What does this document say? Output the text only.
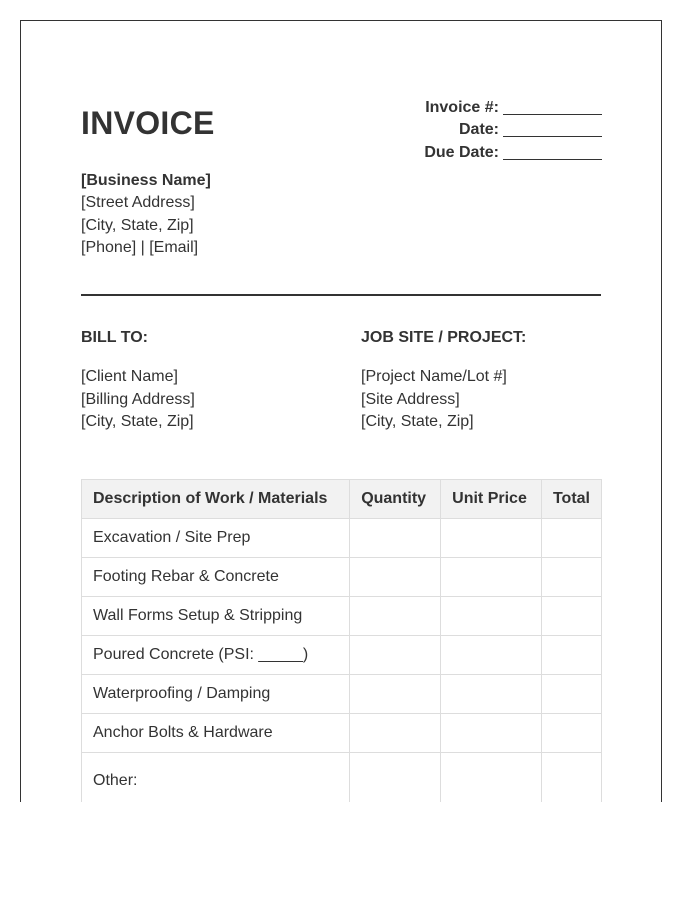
INVOICE	Invoice #:
Date:
Due Date:
[Business Name]
[Street Address]
[City, State, Zip]
[Phone] | [Email]
BILL TO:
[Client Name]
[Billing Address]
[City, State, Zip]
JOB SITE / PROJECT:
[Project Name/Lot #]
[Site Address]
[City, State, Zip]
Description of Work / Materials	Quantity	Unit Price	Total
Excavation / Site Prep			
Footing Rebar & Concrete			
Wall Forms Setup & Stripping			
Poured Concrete (PSI: _____)			
Waterproofing / Damping			
Anchor Bolts & Hardware			
Other:			
